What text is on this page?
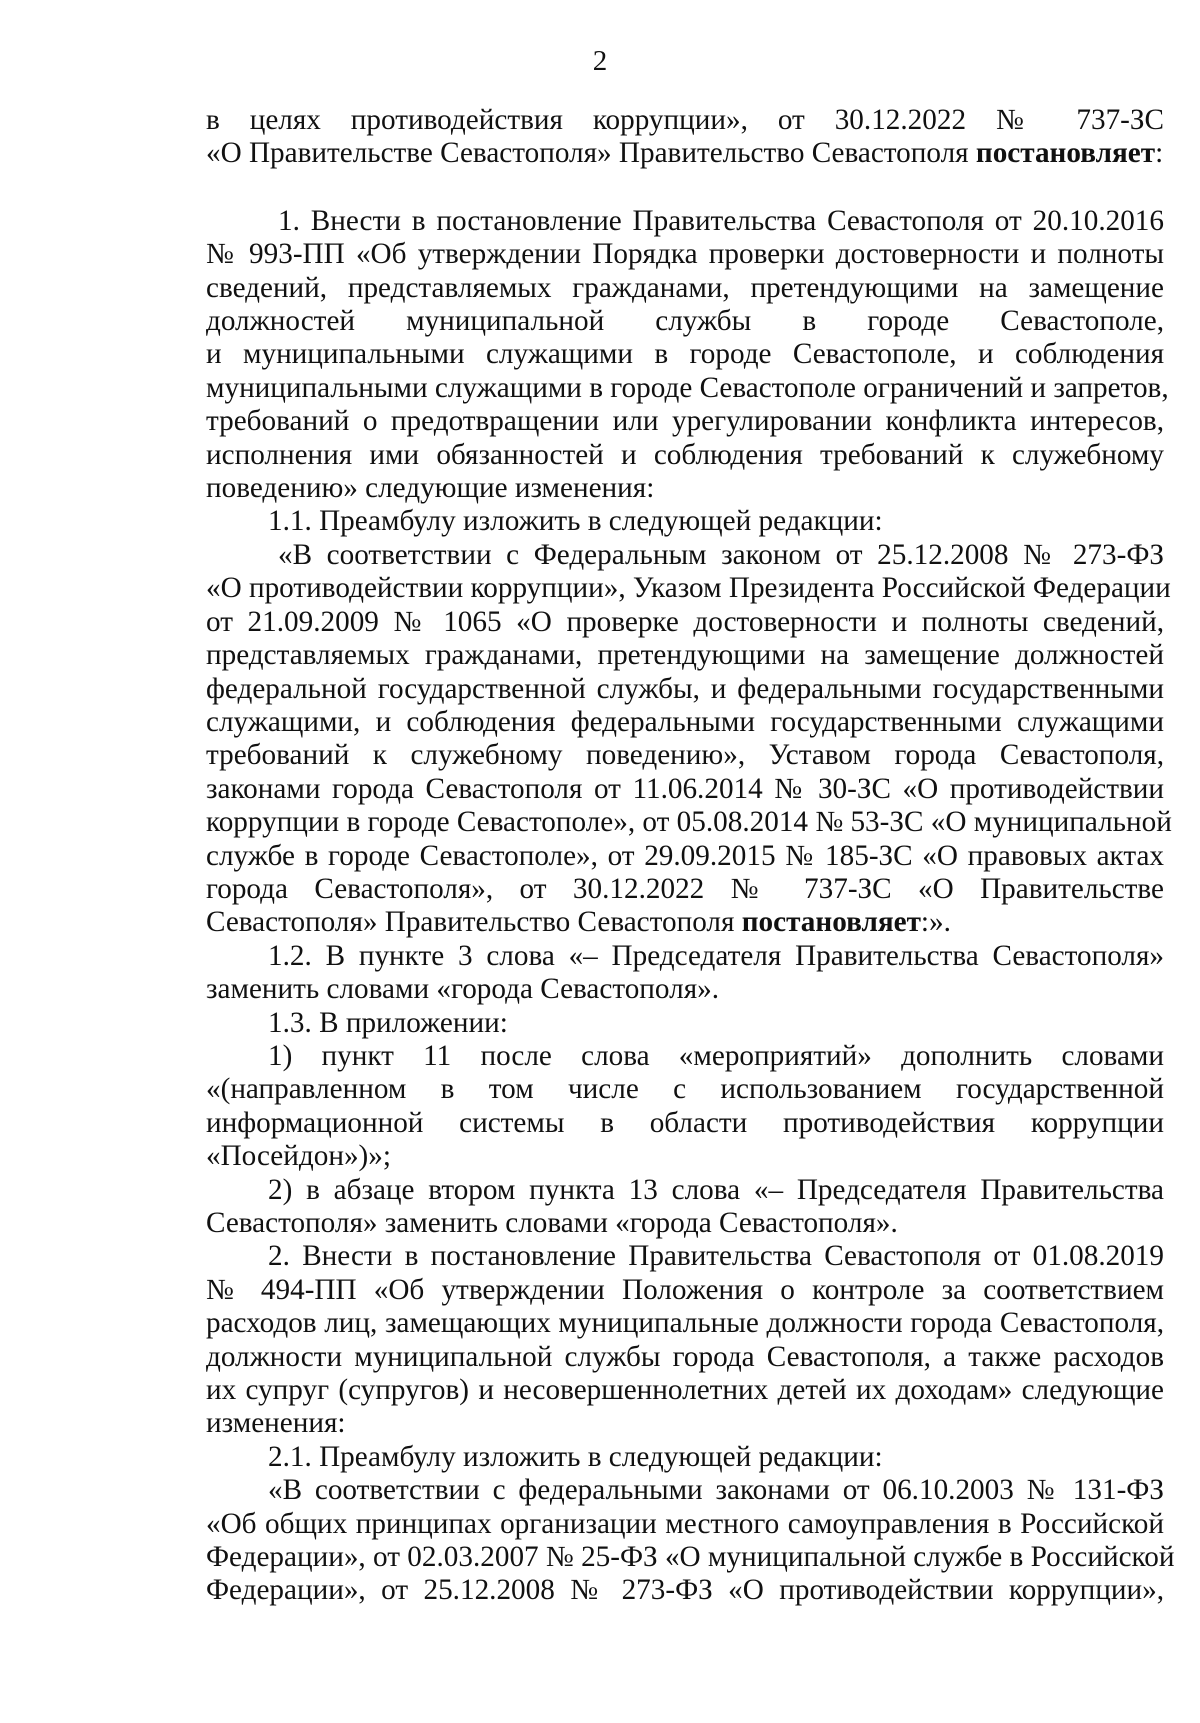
2

в целях противодействия коррупции», от 30.12.2022 № 737-ЗС

«О Правительстве Севастополя» Правительство Севастополя постановляет:

1. Внести в постановление Правительства Севастополя от 20.10.2016

№ 993-ПП «Об утверждении Порядка проверки достоверности и полноты

сведений, представляемых гражданами, претендующими на замещение

должностей муниципальной службы в городе Севастополе,

и муниципальными служащими в городе Севастополе, и соблюдения

муниципальными служащими в городе Севастополе ограничений и запретов,

требований о предотвращении или урегулировании конфликта интересов,

исполнения ими обязанностей и соблюдения требований к служебному

поведению» следующие изменения:

1.1. Преамбулу изложить в следующей редакции:

«В соответствии с Федеральным законом от 25.12.2008 № 273-ФЗ

«О противодействии коррупции», Указом Президента Российской Федерации

от 21.09.2009 № 1065 «О проверке достоверности и полноты сведений,

представляемых гражданами, претендующими на замещение должностей

федеральной государственной службы, и федеральными государственными

служащими, и соблюдения федеральными государственными служащими

требований к служебному поведению», Уставом города Севастополя,

законами города Севастополя от 11.06.2014 № 30-ЗС «О противодействии

коррупции в городе Севастополе», от 05.08.2014 № 53-ЗС «О муниципальной

службе в городе Севастополе», от 29.09.2015 № 185-ЗС «О правовых актах

города Севастополя», от 30.12.2022 № 737-ЗС «О Правительстве

Севастополя» Правительство Севастополя постановляет:».

1.2. В пункте 3 слова «– Председателя Правительства Севастополя»

заменить словами «города Севастополя».

1.3. В приложении:

1) пункт 11 после слова «мероприятий» дополнить словами

«(направленном в том числе с использованием государственной

информационной системы в области противодействия коррупции

«Посейдон»)»;

2) в абзаце втором пункта 13 слова «– Председателя Правительства

Севастополя» заменить словами «города Севастополя».

2. Внести в постановление Правительства Севастополя от 01.08.2019

№ 494-ПП «Об утверждении Положения о контроле за соответствием

расходов лиц, замещающих муниципальные должности города Севастополя,

должности муниципальной службы города Севастополя, а также расходов

их супруг (супругов) и несовершеннолетних детей их доходам» следующие

изменения:

2.1. Преамбулу изложить в следующей редакции:

«В соответствии с федеральными законами от 06.10.2003 № 131-ФЗ

«Об общих принципах организации местного самоуправления в Российской

Федерации», от 02.03.2007 № 25-ФЗ «О муниципальной службе в Российской

Федерации», от 25.12.2008 № 273-ФЗ «О противодействии коррупции»,
